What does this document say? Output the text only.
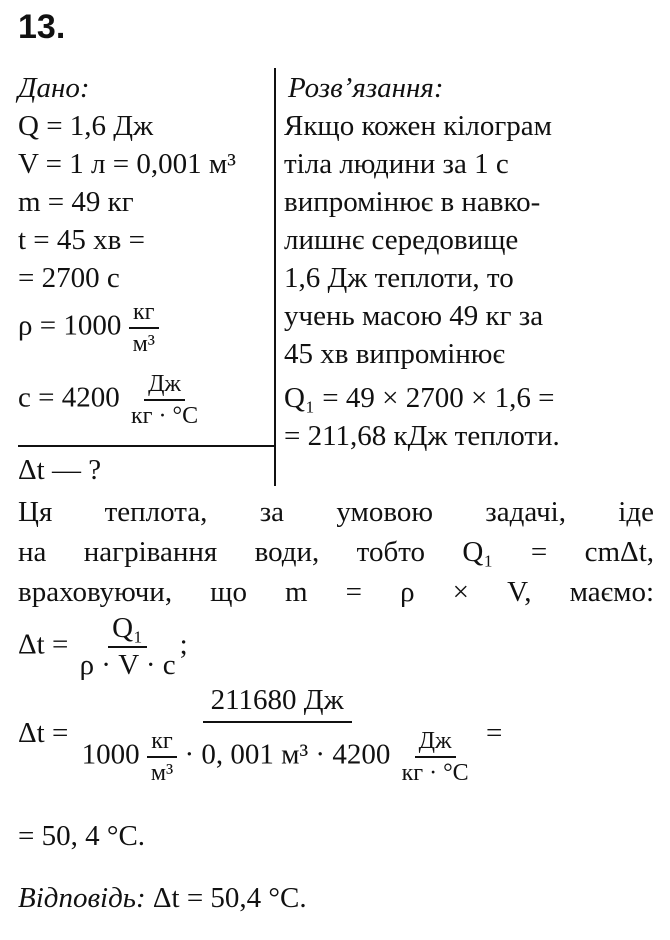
13.
Дано:
Q = 1,6 Дж
V = 1 л = 0,001 м³
m = 49 кг
t = 45 хв =
= 2700 с
$\rho = 1000 \frac{кг}{\text{м³}}$
$c = 4200 \frac{Дж}{кг \cdot ^\circ С}$
Δt — ?
Розв’язання:
Якщо кожен кілограм
тіла людини за 1 с
випромінює в навко-
лишнє середовище
1,6 Дж теплоти, то
учень масою 49 кг за
45 хв випромінює
Q₁ = 49 × 2700 × 1,6 =
= 211,68 кДж теплоти.
Ця теплота, за умовою задачі, іде
на нагрівання води, тобто Q₁ = cmΔt,
враховуючи, що m = ρ × V, маємо:
$\Delta t = \frac{\text{Q₁}}{\rho \cdot V \cdot c}$ ;
Δt =
211680 Дж
$1000 \frac{кг}{\text{м³}} \cdot 0$, 001 $м^3 \cdot 4200 \frac{Дж}{кг \cdot ^\circ С}$ =
= 50, 4 °С.
Відповідь: Δt = 50,4 °С.
